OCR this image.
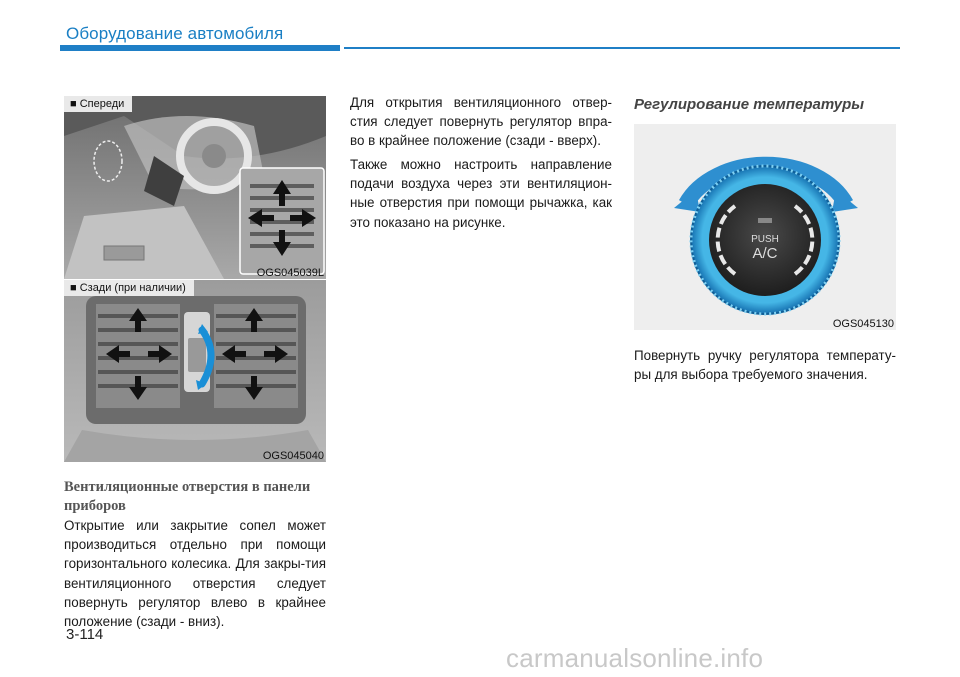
Оборудование автомобиля
■ Спереди
OGS045039L
■ Сзади (при наличии)
OGS045040
Вентиляционные отверстия в панели приборов
Открытие или закрытие сопел может производиться отдельно при помощи горизонтального колесика. Для закры-тия вентиляционного отверстия следует повернуть регулятор влево в крайнее положение (сзади - вниз).
Для открытия вентиляционного отвер-стия следует повернуть регулятор впра-во в крайнее положение (сзади - вверх).
Также можно настроить направление подачи воздуха через эти вентиляцион-ные отверстия при помощи рычажка, как это показано на рисунке.
Регулирование температуры
PUSH
A/C
OGS045130
Повернуть ручку регулятора температу-ры для выбора требуемого значения.
3-114
carmanualsonline.info
